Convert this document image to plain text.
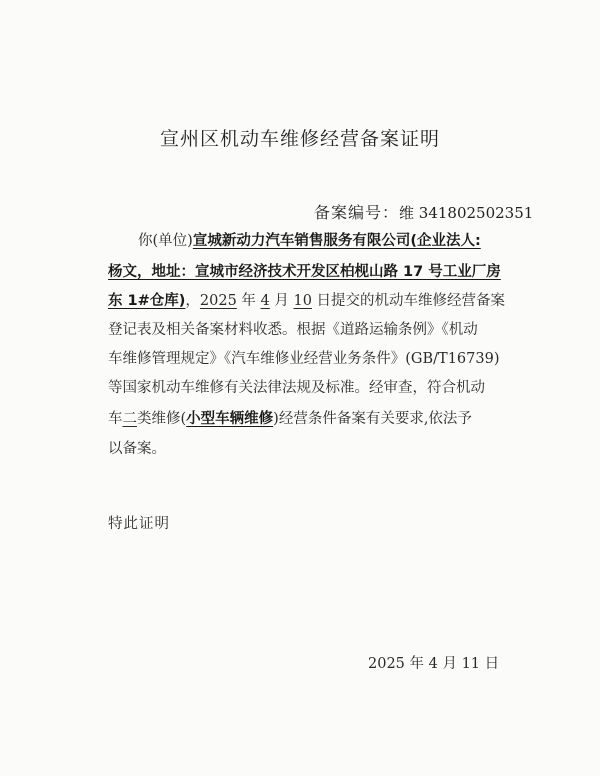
宣州区机动车维修经营备案证明
备案编号：维 341802502351
你(单位)宣城新动力汽车销售服务有限公司(企业法人:
杨文，地址：宣城市经济技术开发区柏枧山路 17 号工业厂房
东 1#仓库)，2025 年 4 月 10 日提交的机动车维修经营备案
登记表及相关备案材料收悉。根据《道路运输条例》《机动
车维修管理规定》《汽车维修业经营业务条件》(GB/T16739)
等国家机动车维修有关法律法规及标准。经审查，符合机动
车二类维修(小型车辆维修)经营条件备案有关要求,依法予
以备案。
特此证明
2025 年 4 月 11 日
